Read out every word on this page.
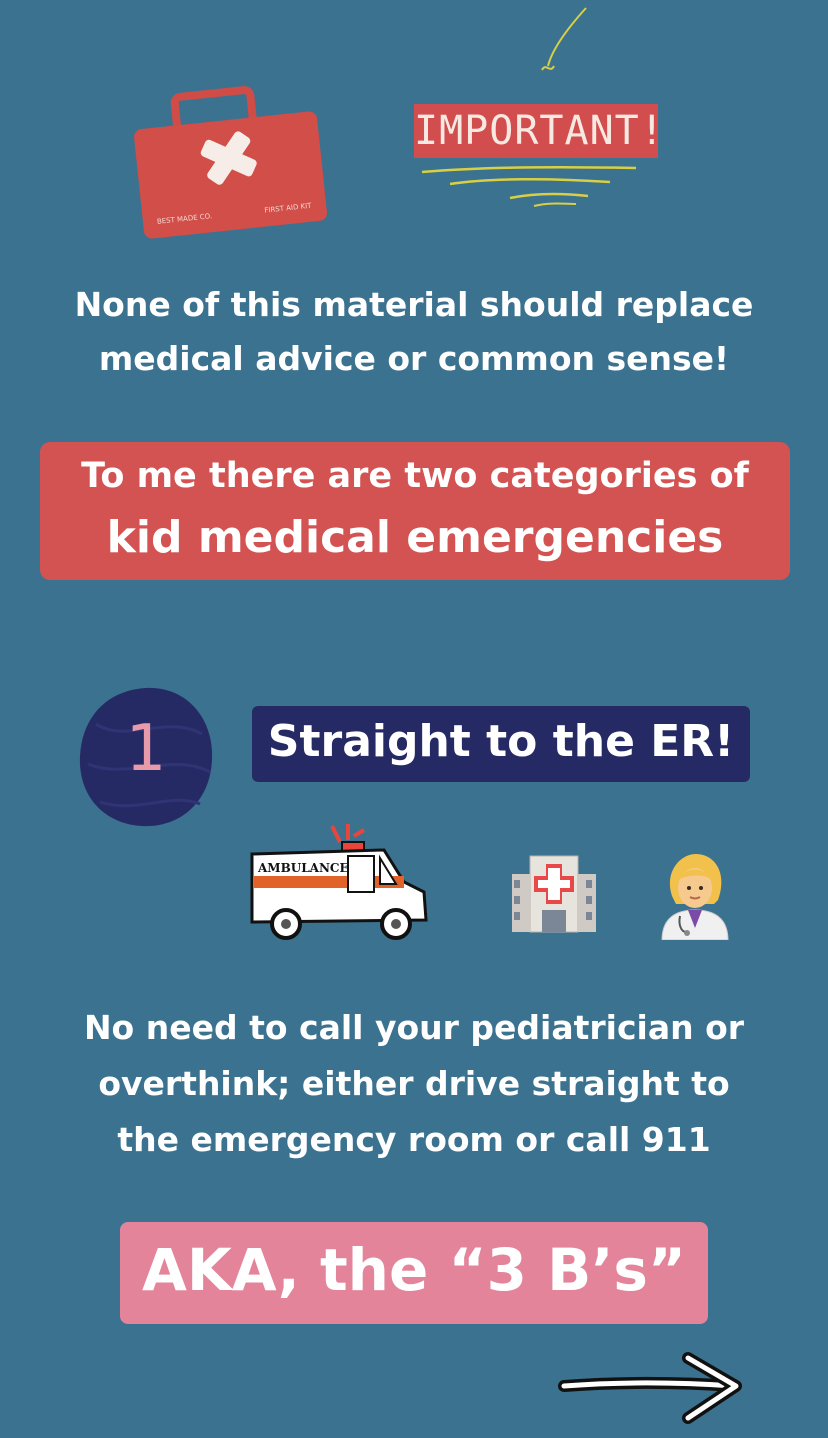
BEST MADE CO.
FIRST AID KIT
IMPORTANT!
None of this material should replace
medical advice or common sense!
To me there are two categories of
kid medical emergencies
1	Straight to the ER!
AMBULANCE
No need to call your pediatrician or
overthink; either drive straight to
the emergency room or call 911
AKA, the “3 B’s”
